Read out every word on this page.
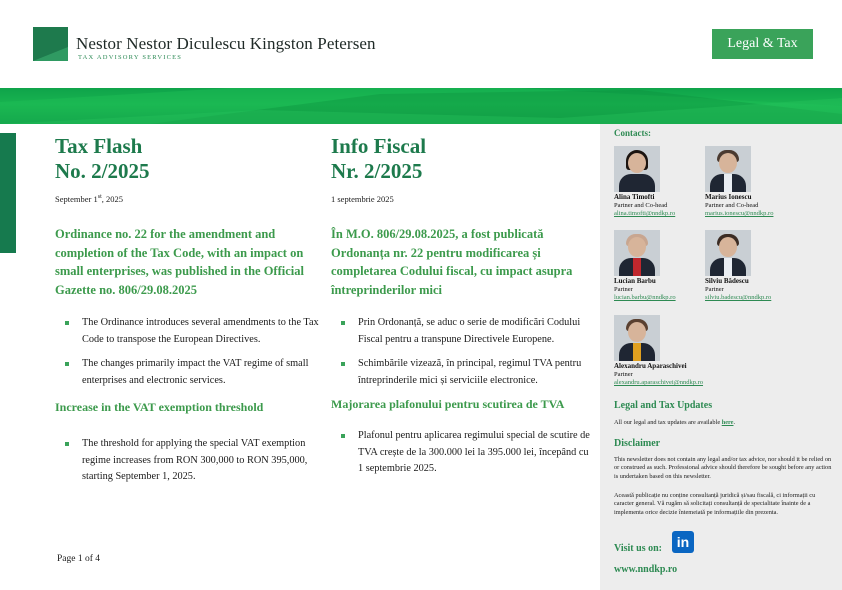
Nestor Nestor Diculescu Kingston Petersen
TAX ADVISORY SERVICES
Legal & Tax
Tax Flash
No. 2/2025
September 1st, 2025
Ordinance no. 22 for the amendment and completion of the Tax Code, with an impact on small enterprises, was published in the Official Gazette no. 806/29.08.2025
The Ordinance introduces several amendments to the Tax Code to transpose the European Directives.
The changes primarily impact the VAT regime of small enterprises and electronic services.
Increase in the VAT exemption threshold
The threshold for applying the special VAT exemption regime increases from RON 300,000 to RON 395,000, starting September 1, 2025.
Page 1 of 4
Info Fiscal
Nr. 2/2025
1 septembrie 2025
În M.O. 806/29.08.2025, a fost publicată Ordonanța nr. 22 pentru modificarea și completarea Codului fiscal, cu impact asupra întreprinderilor mici
Prin Ordonanță, se aduc o serie de modificări Codului Fiscal pentru a transpune Directivele Europene.
Schimbările vizează, în principal, regimul TVA pentru întreprinderile mici și serviciile electronice.
Majorarea plafonului pentru scutirea de TVA
Plafonul pentru aplicarea regimului special de scutire de TVA crește de la 300.000 lei la 395.000 lei, începând cu 1 septembrie 2025.
Contacts:
Alina Timofti
Partner and Co-head
alina.timofti@nndkp.ro
Marius Ionescu
Partner and Co-head
marius.ionescu@nndkp.ro
Lucian Barbu
Partner
lucian.barbu@nndkp.ro
Silviu Bădescu
Partner
silviu.badescu@nndkp.ro
Alexandru Aparaschivei
Partner
alexandru.aparaschivei@nndkp.ro
Legal and Tax Updates
All our legal and tax updates are available here.
Disclaimer
This newsletter does not contain any legal and/or tax advice, nor should it be relied on or construed as such. Professional advice should therefore be sought before any action is undertaken based on this newsletter.
Această publicație nu conține consultanță juridică și/sau fiscală, ci informații cu caracter general. Vă rugăm să solicitați consultanță de specialitate înainte de a implementa orice decizie întemeiată pe informațiile din prezenta.
Visit us on:	in
www.nndkp.ro
